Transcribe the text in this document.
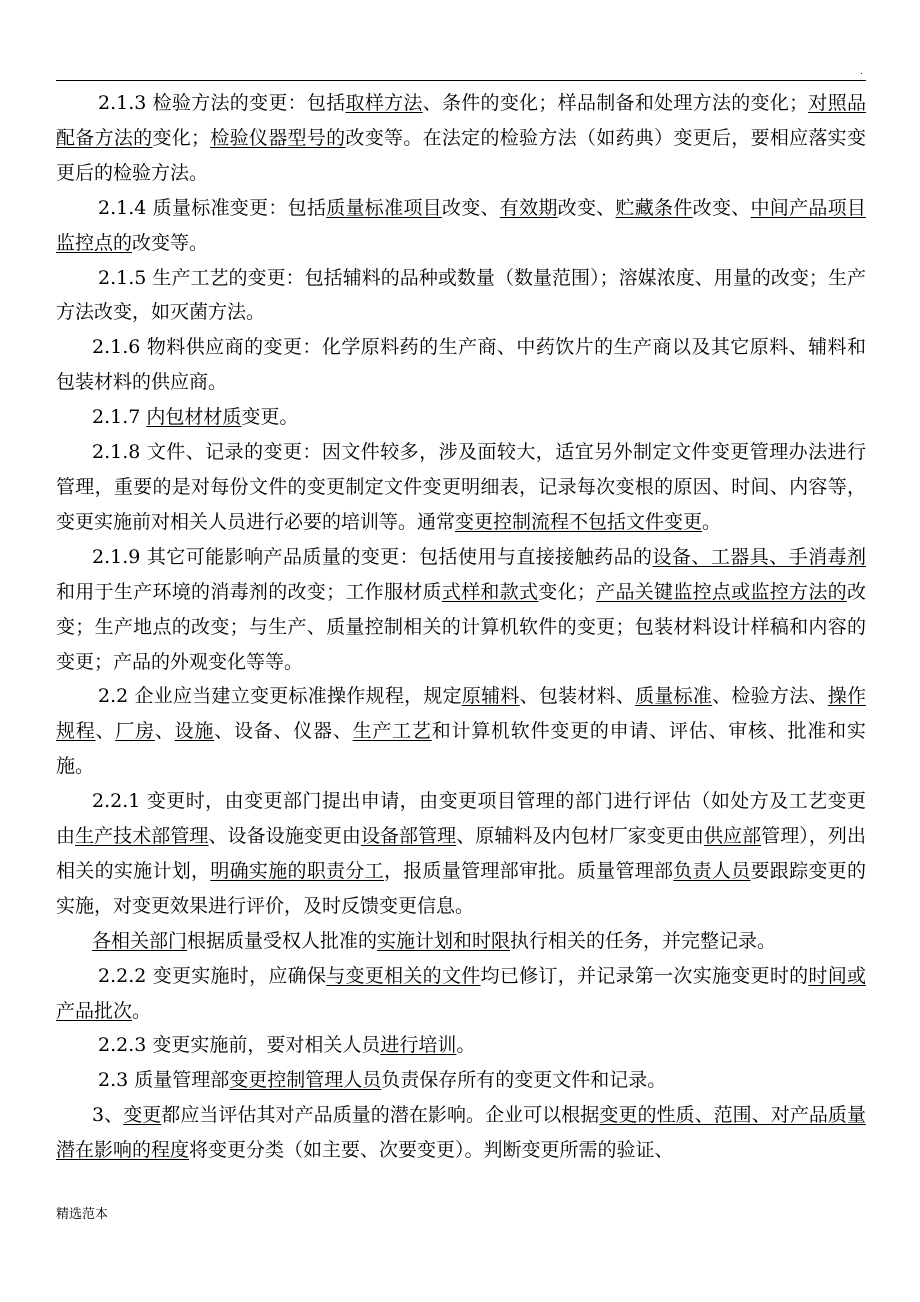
.

2.1.3 检验方法的变更：包括取样方法、条件的变化；样品制备和处理方法的变化；对照品配备方法的变化；检验仪器型号的改变等。在法定的检验方法（如药典）变更后，要相应落实变更后的检验方法。

2.1.4 质量标准变更：包括质量标准项目改变、有效期改变、贮藏条件改变、中间产品项目监控点的改变等。

2.1.5 生产工艺的变更：包括辅料的品种或数量（数量范围）；溶媒浓度、用量的改变；生产方法改变，如灭菌方法。

2.1.6 物料供应商的变更：化学原料药的生产商、中药饮片的生产商以及其它原料、辅料和包装材料的供应商。

2.1.7 内包材材质变更。

2.1.8 文件、记录的变更：因文件较多，涉及面较大，适宜另外制定文件变更管理办法进行管理，重要的是对每份文件的变更制定文件变更明细表，记录每次变根的原因、时间、内容等，变更实施前对相关人员进行必要的培训等。通常变更控制流程不包括文件变更。

2.1.9 其它可能影响产品质量的变更：包括使用与直接接触药品的设备、工器具、手消毒剂和用于生产环境的消毒剂的改变；工作服材质式样和款式变化；产品关键监控点或监控方法的改变；生产地点的改变；与生产、质量控制相关的计算机软件的变更；包装材料设计样稿和内容的变更；产品的外观变化等等。

2.2 企业应当建立变更标准操作规程，规定原辅料、包装材料、质量标准、检验方法、操作规程、厂房、设施、设备、仪器、生产工艺和计算机软件变更的申请、评估、审核、批准和实施。

2.2.1 变更时，由变更部门提出申请，由变更项目管理的部门进行评估（如处方及工艺变更由生产技术部管理、设备设施变更由设备部管理、原辅料及内包材厂家变更由供应部管理），列出相关的实施计划，明确实施的职责分工，报质量管理部审批。质量管理部负责人员要跟踪变更的实施，对变更效果进行评价，及时反馈变更信息。

各相关部门根据质量受权人批准的实施计划和时限执行相关的任务，并完整记录。

2.2.2 变更实施时，应确保与变更相关的文件均已修订，并记录第一次实施变更时的时间或产品批次。

2.2.3 变更实施前，要对相关人员进行培训。

2.3 质量管理部变更控制管理人员负责保存所有的变更文件和记录。

3、变更都应当评估其对产品质量的潜在影响。企业可以根据变更的性质、范围、对产品质量潜在影响的程度将变更分类（如主要、次要变更）。判断变更所需的验证、

精选范本
